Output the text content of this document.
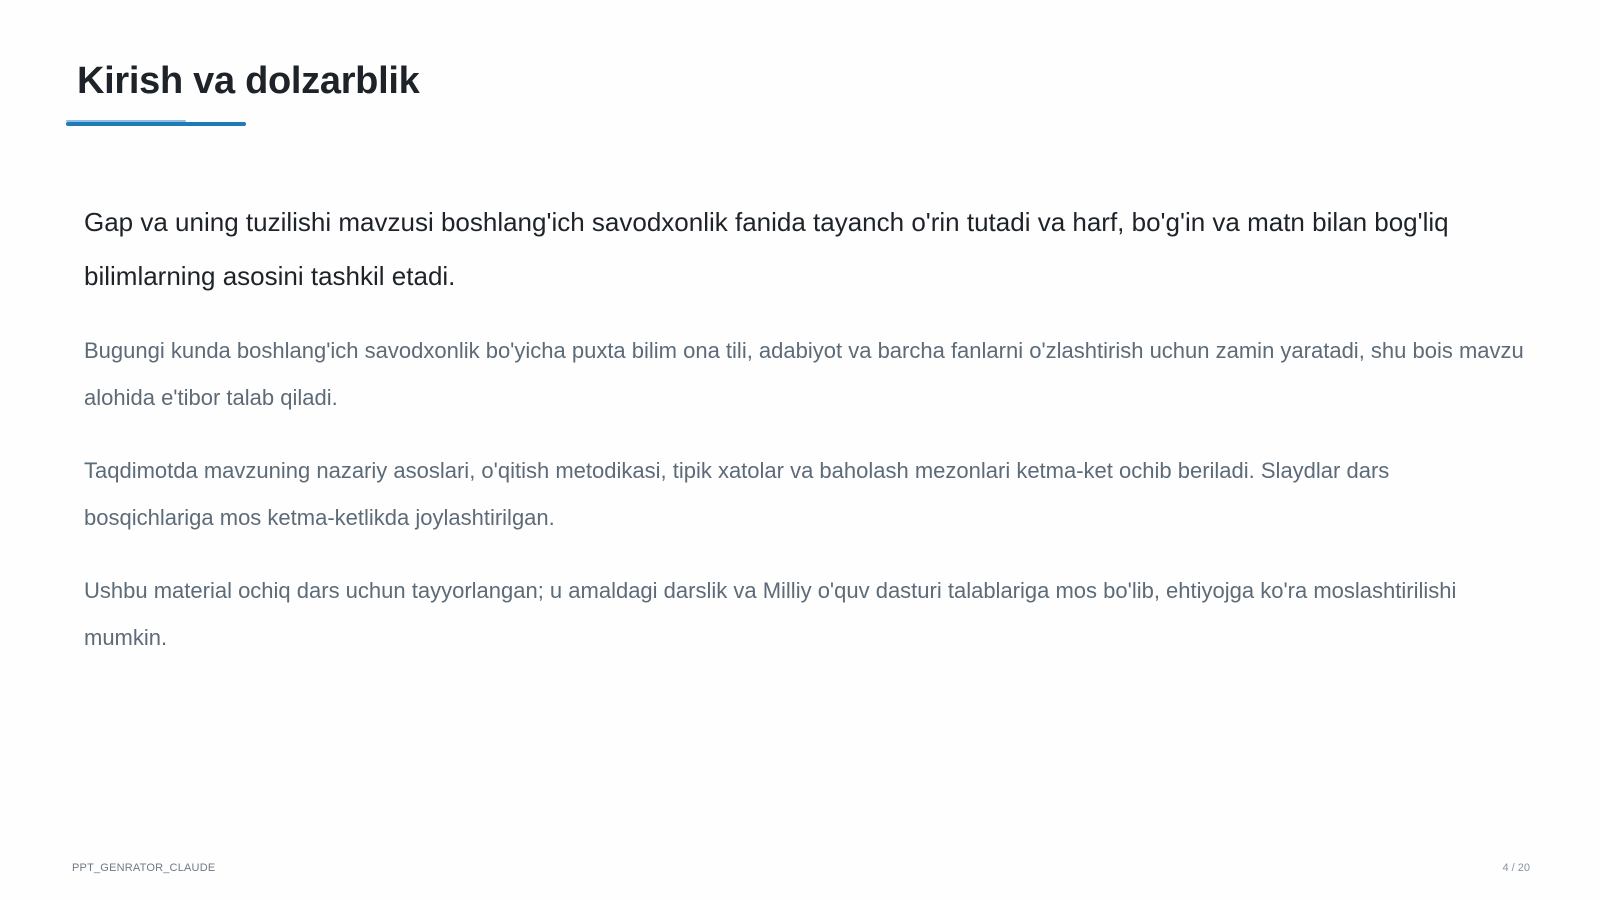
Kirish va dolzarblik

Gap va uning tuzilishi mavzusi boshlang'ich savodxonlik fanida tayanch o'rin tutadi va harf, bo'g'in va matn bilan bog'liq bilimlarning asosini tashkil etadi.

Bugungi kunda boshlang'ich savodxonlik bo'yicha puxta bilim ona tili, adabiyot va barcha fanlarni o'zlashtirish uchun zamin yaratadi, shu bois mavzu alohida e'tibor talab qiladi.

Taqdimotda mavzuning nazariy asoslari, o'qitish metodikasi, tipik xatolar va baholash mezonlari ketma-ket ochib beriladi. Slaydlar dars bosqichlariga mos ketma-ketlikda joylashtirilgan.

Ushbu material ochiq dars uchun tayyorlangan; u amaldagi darslik va Milliy o'quv dasturi talablariga mos bo'lib, ehtiyojga ko'ra moslashtirilishi mumkin.

PPT_GENRATOR_CLAUDE	4 / 20
